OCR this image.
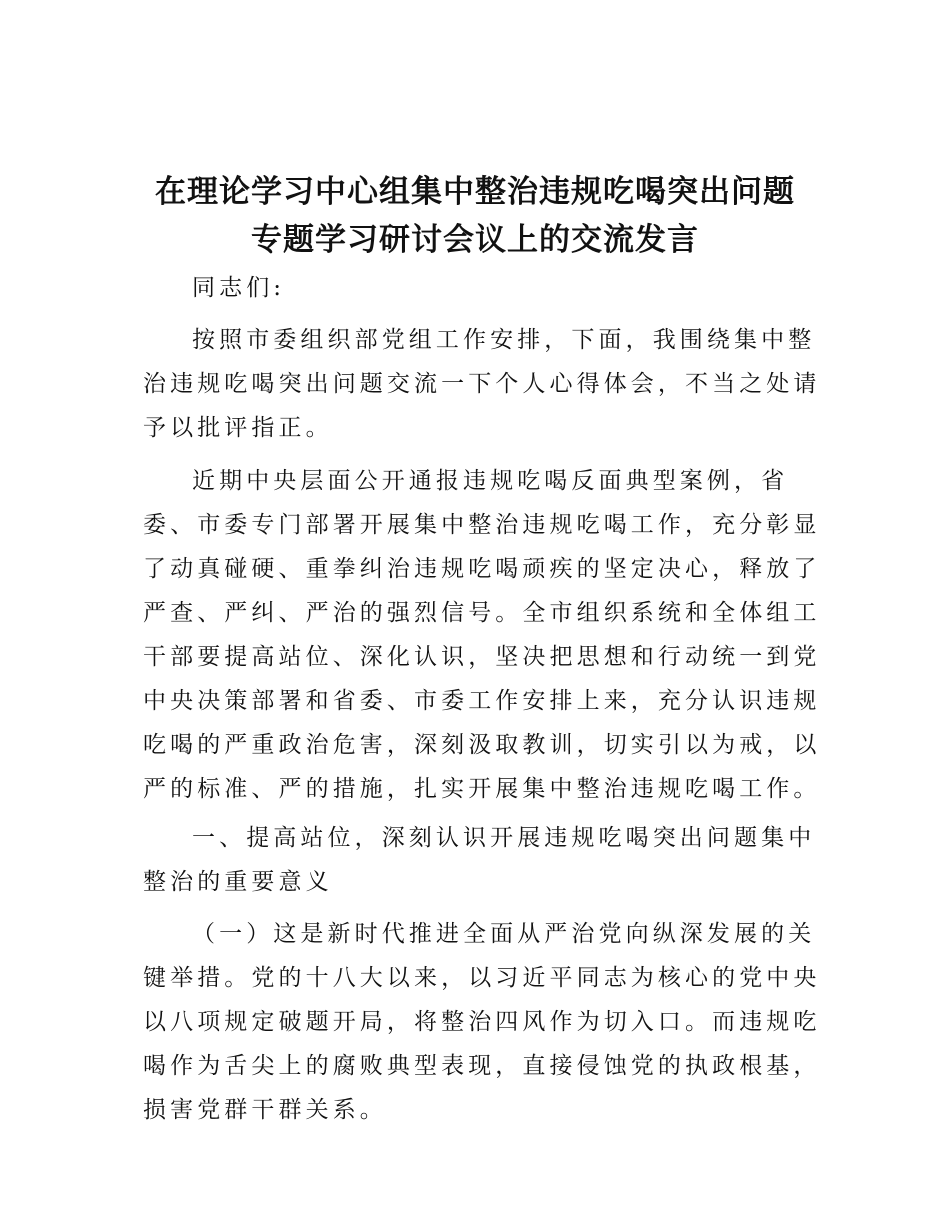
在理论学习中心组集中整治违规吃喝突出问题
专题学习研讨会议上的交流发言

同志们:

按照市委组织部党组工作安排，下面，我围绕集中整治违规吃喝突出问题交流一下个人心得体会，不当之处请予以批评指正。

近期中央层面公开通报违规吃喝反面典型案例，省委、市委专门部署开展集中整治违规吃喝工作，充分彰显了动真碰硬、重拳纠治违规吃喝顽疾的坚定决心，释放了严查、严纠、严治的强烈信号。全市组织系统和全体组工干部要提高站位、深化认识，坚决把思想和行动统一到党中央决策部署和省委、市委工作安排上来，充分认识违规吃喝的严重政治危害，深刻汲取教训，切实引以为戒，以严的标准、严的措施，扎实开展集中整治违规吃喝工作。

一、提高站位，深刻认识开展违规吃喝突出问题集中整治的重要意义

（一）这是新时代推进全面从严治党向纵深发展的关键举措。党的十八大以来，以习近平同志为核心的党中央以八项规定破题开局，将整治四风作为切入口。而违规吃喝作为舌尖上的腐败典型表现，直接侵蚀党的执政根基，损害党群干群关系。
